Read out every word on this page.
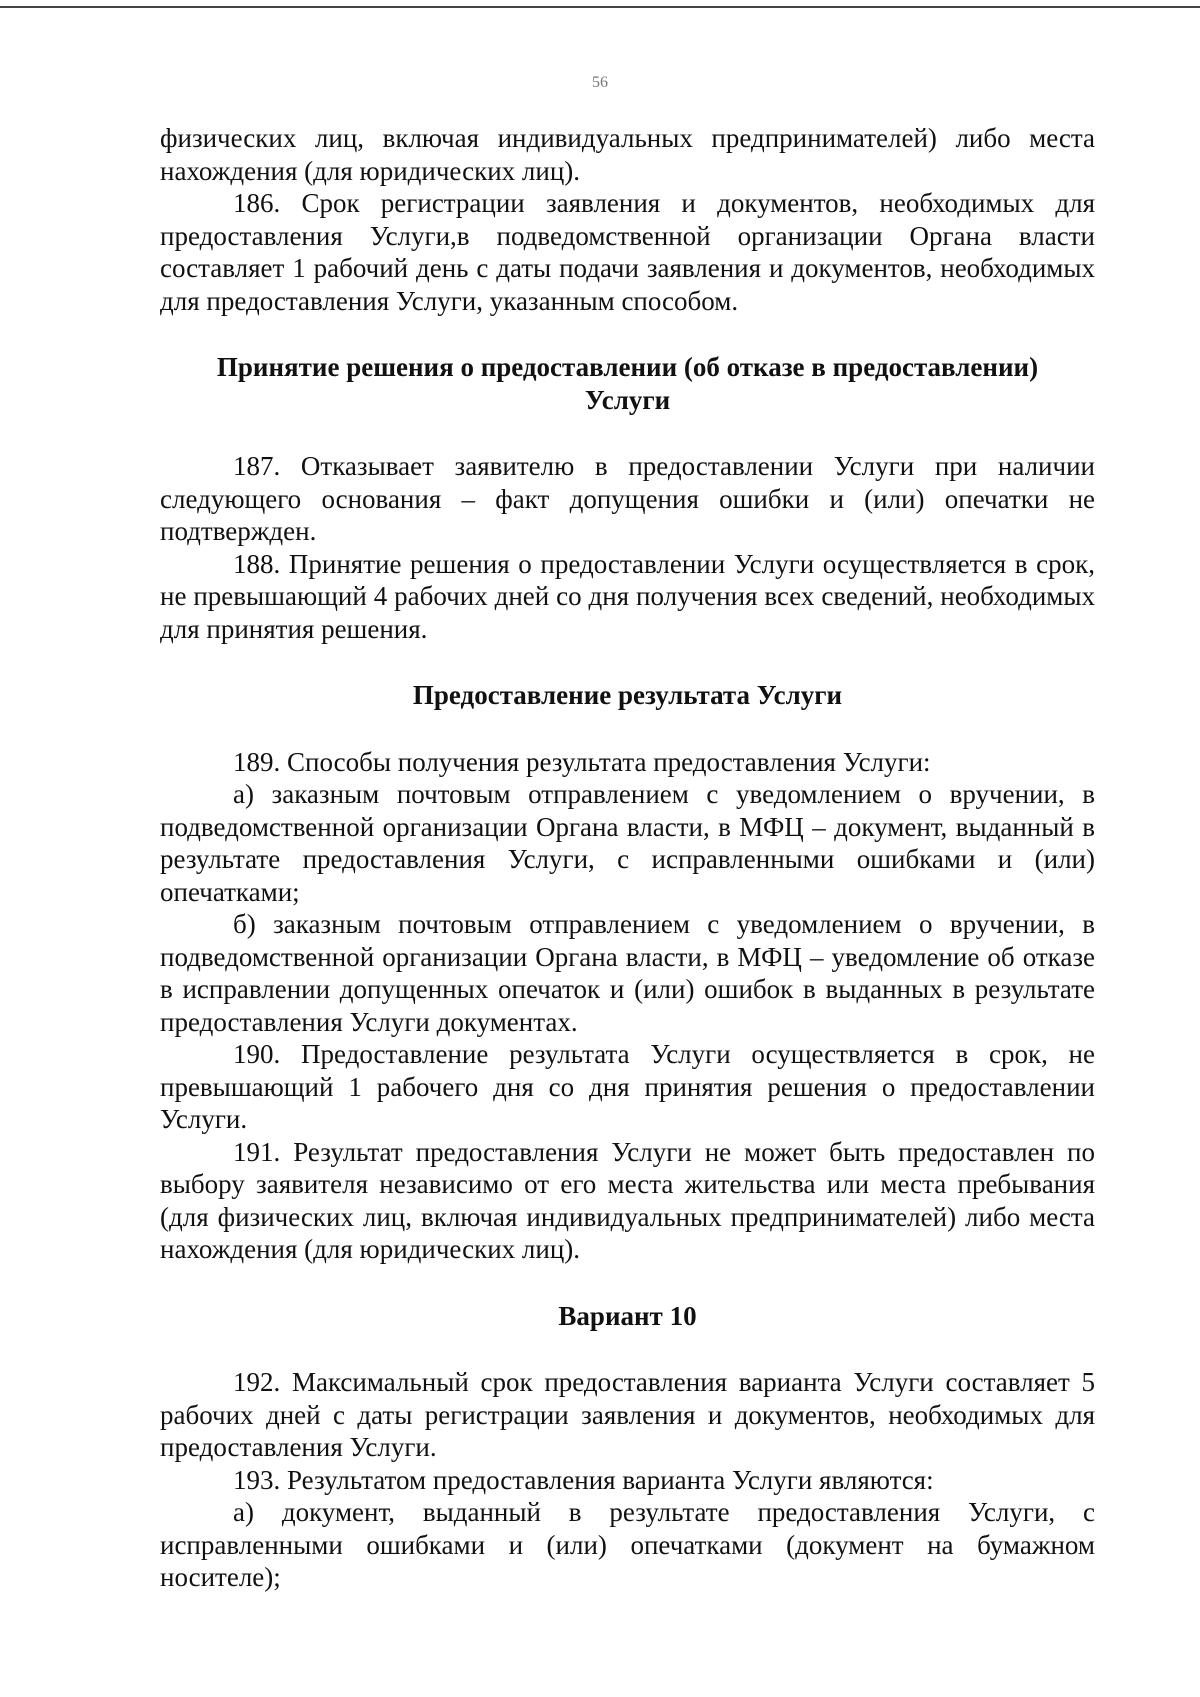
56

физических лиц, включая индивидуальных предпринимателей) либо места нахождения (для юридических лиц).

186. Срок регистрации заявления и документов, необходимых для предоставления Услуги,в подведомственной организации Органа власти составляет 1 рабочий день с даты подачи заявления и документов, необходимых для предоставления Услуги, указанным способом.

Принятие решения о предоставлении (об отказе в предоставлении)

Услуги

187. Отказывает заявителю в предоставлении Услуги при наличии следующего основания – факт допущения ошибки и (или) опечатки не подтвержден.

188. Принятие решения о предоставлении Услуги осуществляется в срок, не превышающий 4 рабочих дней со дня получения всех сведений, необходимых для принятия решения.

Предоставление результата Услуги

189. Способы получения результата предоставления Услуги:

а) заказным почтовым отправлением с уведомлением о вручении, в подведомственной организации Органа власти, в МФЦ – документ, выданный в результате предоставления Услуги, с исправленными ошибками и (или) опечатками;

б) заказным почтовым отправлением с уведомлением о вручении, в подведомственной организации Органа власти, в МФЦ – уведомление об отказе в исправлении допущенных опечаток и (или) ошибок в выданных в результате предоставления Услуги документах.

190. Предоставление результата Услуги осуществляется в срок, не превышающий 1 рабочего дня со дня принятия решения о предоставлении Услуги.

191. Результат предоставления Услуги не может быть предоставлен по выбору заявителя независимо от его места жительства или места пребывания (для физических лиц, включая индивидуальных предпринимателей) либо места нахождения (для юридических лиц).

Вариант 10

192. Максимальный срок предоставления варианта Услуги составляет 5 рабочих дней с даты регистрации заявления и документов, необходимых для предоставления Услуги.

193. Результатом предоставления варианта Услуги являются:

а) документ, выданный в результате предоставления Услуги, с исправленными ошибками и (или) опечатками (документ на бумажном носителе);
